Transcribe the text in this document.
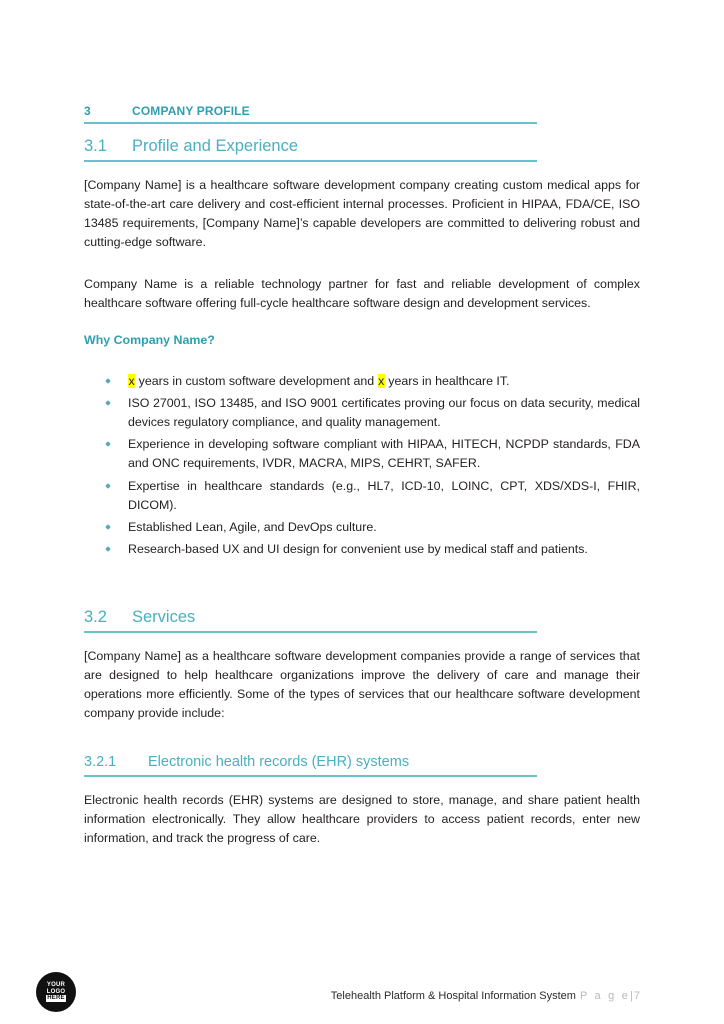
3	COMPANY PROFILE
3.1	Profile and Experience

[Company Name] is a healthcare software development company creating custom medical apps for state-of-the-art care delivery and cost-efficient internal processes. Proficient in HIPAA, FDA/CE, ISO 13485 requirements, [Company Name]’s capable developers are committed to delivering robust and cutting-edge software.

Company Name is a reliable technology partner for fast and reliable development of complex healthcare software offering full-cycle healthcare software design and development services.

Why Company Name?

x years in custom software development and x years in healthcare IT.
ISO 27001, ISO 13485, and ISO 9001 certificates proving our focus on data security, medical devices regulatory compliance, and quality management.
Experience in developing software compliant with HIPAA, HITECH, NCPDP standards, FDA and ONC requirements, IVDR, MACRA, MIPS, CEHRT, SAFER.
Expertise in healthcare standards (e.g., HL7, ICD-10, LOINC, CPT, XDS/XDS-I, FHIR, DICOM).
Established Lean, Agile, and DevOps culture.
Research-based UX and UI design for convenient use by medical staff and patients.
3.2	Services

[Company Name] as a healthcare software development companies provide a range of services that are designed to help healthcare organizations improve the delivery of care and manage their operations more efficiently. Some of the types of services that our healthcare software development company provide include:

3.2.1	Electronic health records (EHR) systems

Electronic health records (EHR) systems are designed to store, manage, and share patient health information electronically. They allow healthcare providers to access patient records, enter new information, and track the progress of care.

YOUR
LOGO
HERE	Telehealth Platform & Hospital Information System P a g e|7
